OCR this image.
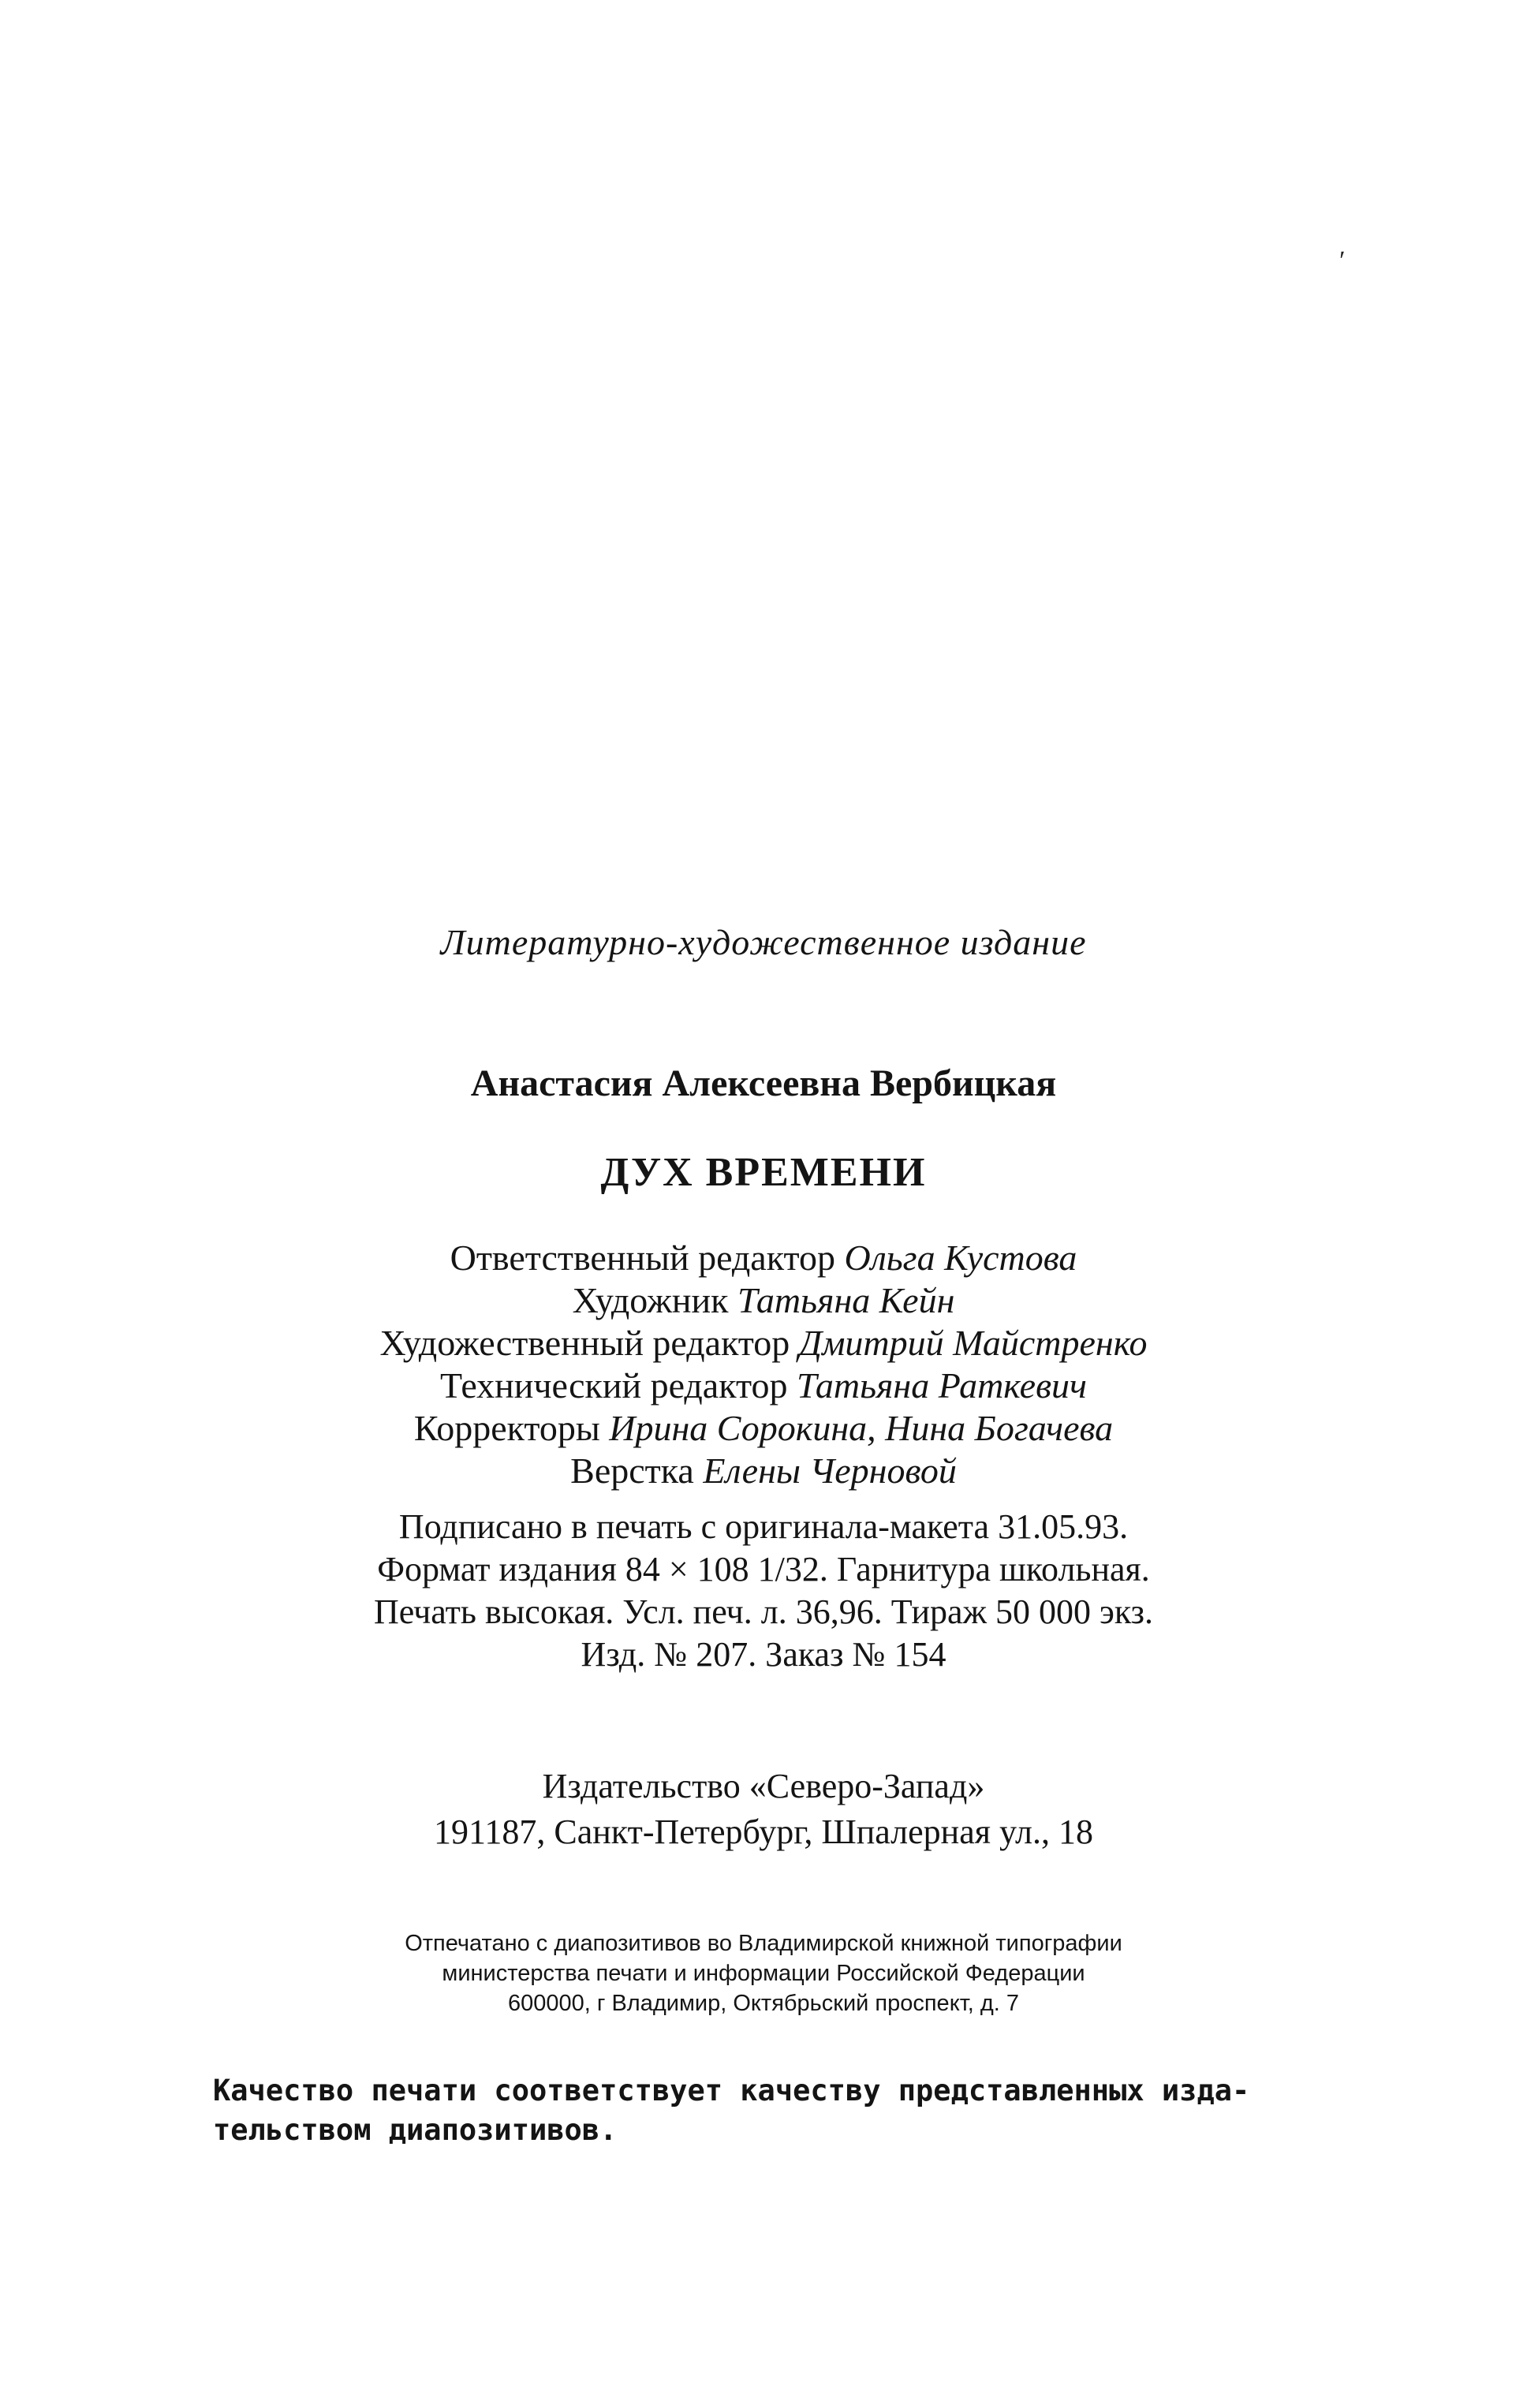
′
Литературно-художественное издание
Анастасия Алексеевна Вербицкая
ДУХ ВРЕМЕНИ
Ответственный редактор Ольга Кустова
Художник Татьяна Кейн
Художественный редактор Дмитрий Майстренко
Технический редактор Татьяна Раткевич
Корректоры Ирина Сорокина, Нина Богачева
Верстка Елены Черновой
Подписано в печать с оригинала-макета 31.05.93.
Формат издания 84 × 108 1/32. Гарнитура школьная.
Печать высокая. Усл. печ. л. 36,96. Тираж 50 000 экз.
Изд. № 207. Заказ № 154
Издательство «Северо-Запад»
191187, Санкт-Петербург, Шпалерная ул., 18
Отпечатано с диапозитивов во Владимирской книжной типографии
министерства печати и информации Российской Федерации
600000, г Владимир, Октябрьский проспект, д. 7
Качество печати соответствует качеству представленных изда-
тельством диапозитивов.
